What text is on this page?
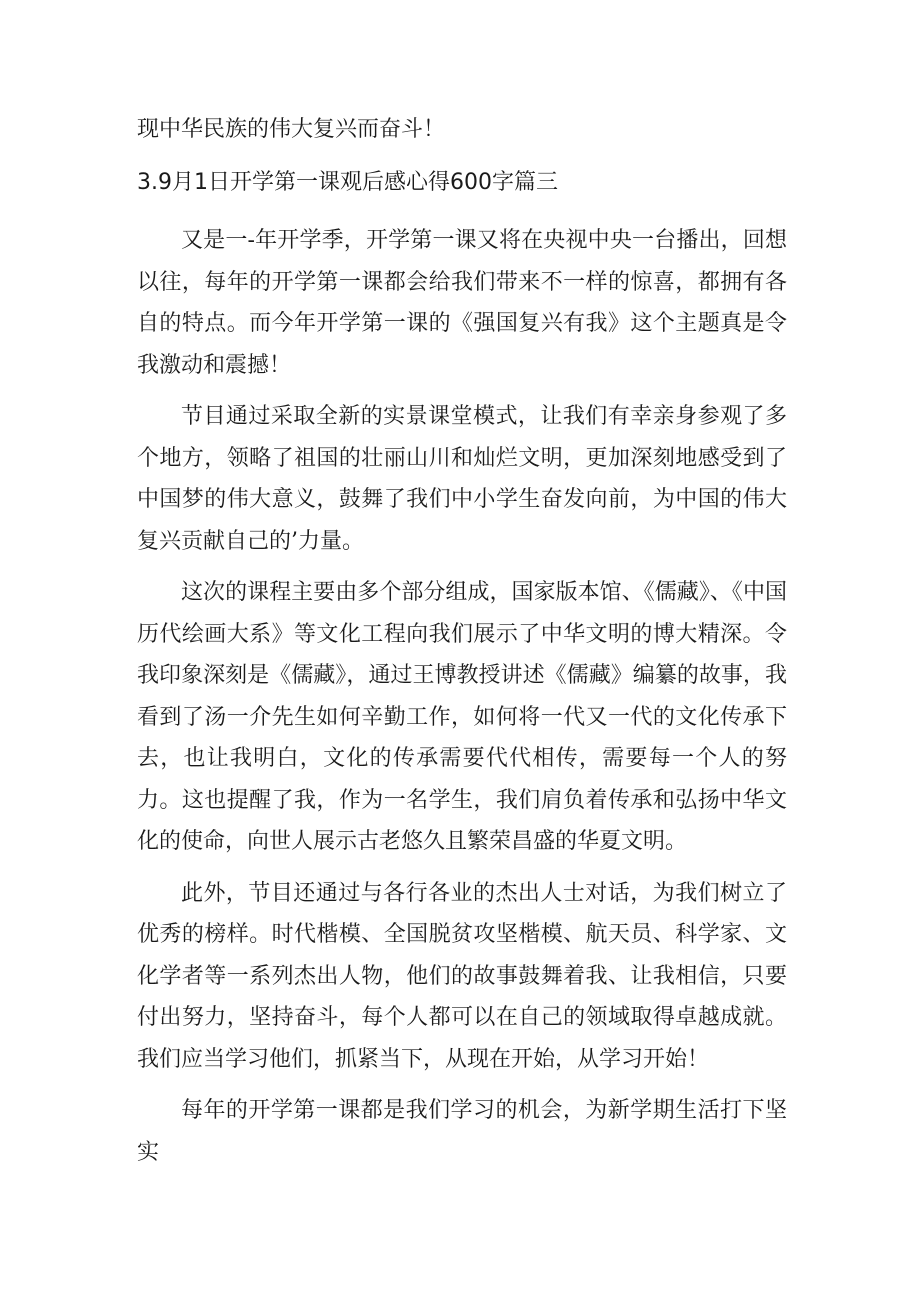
现中华民族的伟大复兴而奋斗！
3.9月1日开学第一课观后感心得600字篇三

又是一-年开学季，开学第一课又将在央视中央一台播出，回想以往，每年的开学第一课都会给我们带来不一样的惊喜，都拥有各自的特点。而今年开学第一课的《强国复兴有我》这个主题真是令我激动和震撼！

节目通过采取全新的实景课堂模式，让我们有幸亲身参观了多个地方，领略了祖国的壮丽山川和灿烂文明，更加深刻地感受到了中国梦的伟大意义，鼓舞了我们中小学生奋发向前，为中国的伟大复兴贡献自己的’力量。

这次的课程主要由多个部分组成，国家版本馆、《儒藏》、《中国历代绘画大系》等文化工程向我们展示了中华文明的博大精深。令我印象深刻是《儒藏》，通过王博教授讲述《儒藏》编纂的故事，我看到了汤一介先生如何辛勤工作，如何将一代又一代的文化传承下去，也让我明白，文化的传承需要代代相传，需要每一个人的努力。这也提醒了我，作为一名学生，我们肩负着传承和弘扬中华文化的使命，向世人展示古老悠久且繁荣昌盛的华夏文明。

此外，节目还通过与各行各业的杰出人士对话，为我们树立了优秀的榜样。时代楷模、全国脱贫攻坚楷模、航天员、科学家、文化学者等一系列杰出人物，他们的故事鼓舞着我、让我相信，只要付出努力，坚持奋斗，每个人都可以在自己的领域取得卓越成就。我们应当学习他们，抓紧当下，从现在开始，从学习开始！

每年的开学第一课都是我们学习的机会，为新学期生活打下坚实
